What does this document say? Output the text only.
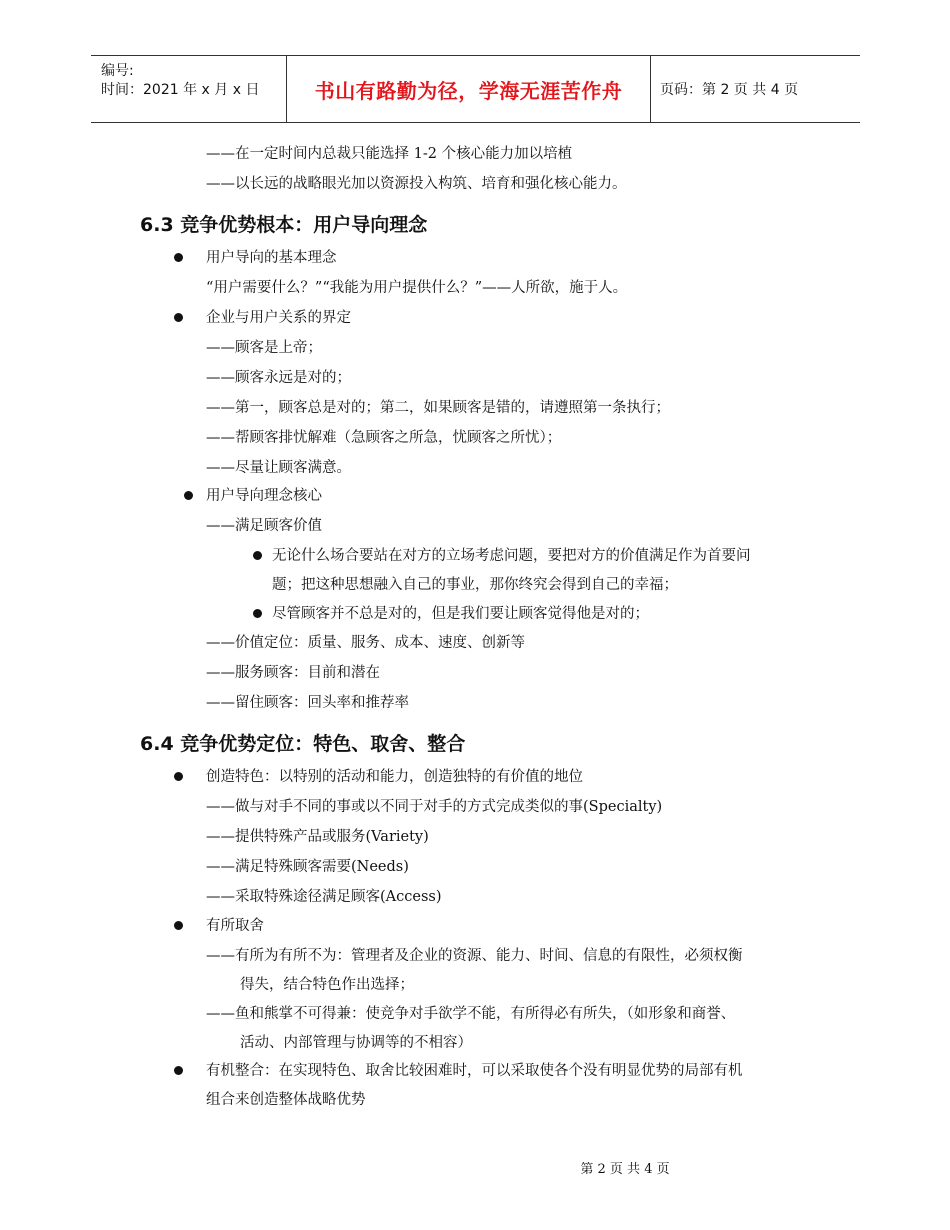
编号:
时间：2021 年 x 月 x 日	书山有路勤为径，学海无涯苦作舟	页码：第 2 页 共 4 页
——在一定时间内总裁只能选择 1-2 个核心能力加以培植
——以长远的战略眼光加以资源投入构筑、培育和强化核心能力。
6.3 竞争优势根本：用户导向理念
用户导向的基本理念
“用户需要什么？”“我能为用户提供什么？”——人所欲，施于人。
企业与用户关系的界定
——顾客是上帝；
——顾客永远是对的；
——第一，顾客总是对的；第二，如果顾客是错的，请遵照第一条执行；
——帮顾客排忧解难（急顾客之所急，忧顾客之所忧）；
——尽量让顾客满意。
用户导向理念核心
——满足顾客价值
无论什么场合要站在对方的立场考虑问题，要把对方的价值满足作为首要问
题；把这种思想融入自己的事业，那你终究会得到自己的幸福；
尽管顾客并不总是对的，但是我们要让顾客觉得他是对的；
——价值定位：质量、服务、成本、速度、创新等
——服务顾客：目前和潜在
——留住顾客：回头率和推荐率
6.4 竞争优势定位：特色、取舍、整合
创造特色：以特别的活动和能力，创造独特的有价值的地位
——做与对手不同的事或以不同于对手的方式完成类似的事(Specialty)
——提供特殊产品或服务(Variety)
——满足特殊顾客需要(Needs)
——采取特殊途径满足顾客(Access)
有所取舍
——有所为有所不为：管理者及企业的资源、能力、时间、信息的有限性，必须权衡
得失，结合特色作出选择；
——鱼和熊掌不可得兼：使竞争对手欲学不能，有所得必有所失，（如形象和商誉、
活动、内部管理与协调等的不相容）
有机整合：在实现特色、取舍比较困难时，可以采取使各个没有明显优势的局部有机
组合来创造整体战略优势
第 2 页 共 4 页
